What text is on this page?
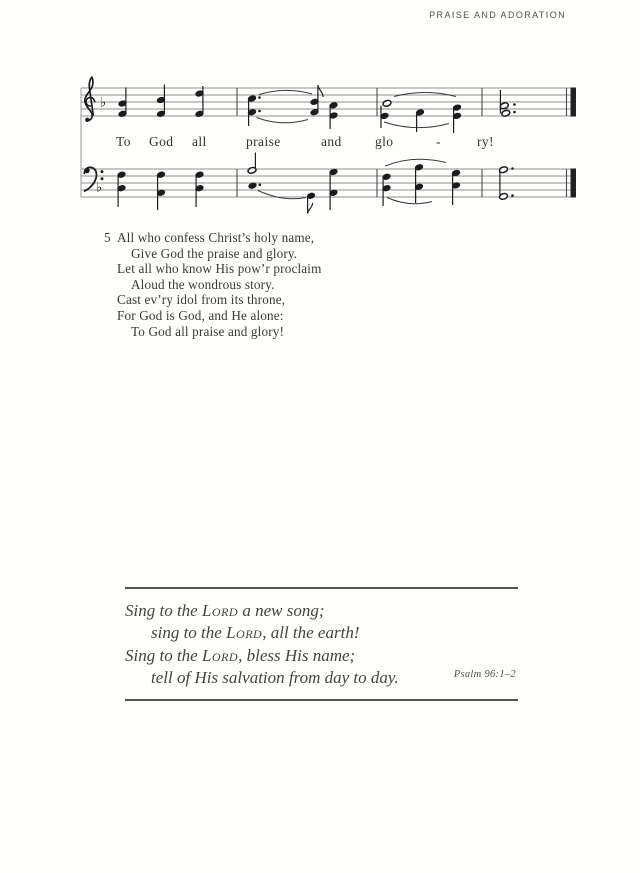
PRAISE AND ADORATION
♭
♭
To God all	praise	and glo	-	ry!
5 All who confess Christ’s holy name,
Give God the praise and glory.
Let all who know His pow’r proclaim
Aloud the wondrous story.
Cast ev’ry idol from its throne,
For God is God, and He alone:
To God all praise and glory!
Sing to the Lord a new song;
sing to the Lord, all the earth!
Sing to the Lord, bless His name;
tell of His salvation from day to day.	Psalm 96:1–2
